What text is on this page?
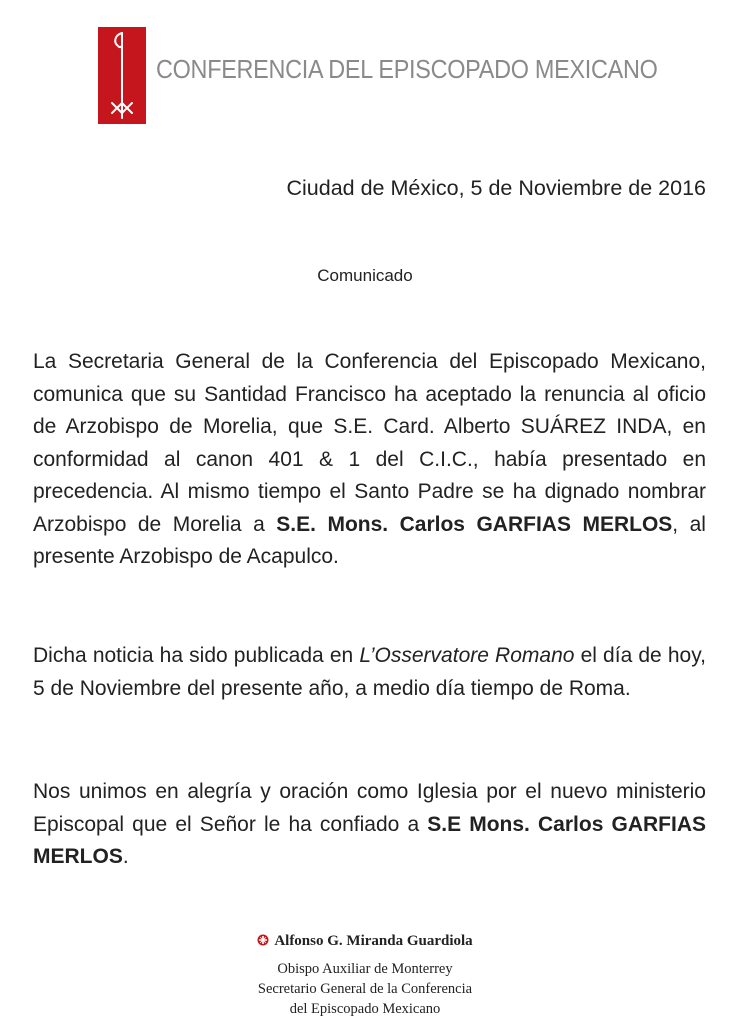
CONFERENCIA DEL EPISCOPADO MEXICANO
Ciudad de México, 5 de Noviembre de 2016
Comunicado

La Secretaria General de la Conferencia del Episcopado Mexicano, comunica que su Santidad Francisco ha aceptado la renuncia al oficio de Arzobispo de Morelia, que S.E. Card. Alberto SUÁREZ INDA, en conformidad al canon 401 & 1 del C.I.C., había presentado en precedencia. Al mismo tiempo el Santo Padre se ha dignado nombrar Arzobispo de Morelia a S.E. Mons. Carlos GARFIAS MERLOS, al presente Arzobispo de Acapulco.

Dicha noticia ha sido publicada en L’Osservatore Romano el día de hoy, 5 de Noviembre del presente año, a medio día tiempo de Roma.

Nos unimos en alegría y oración como Iglesia por el nuevo ministerio Episcopal que el Señor le ha confiado a S.E Mons. Carlos GARFIAS MERLOS.

Alfonso G. Miranda Guardiola
Obispo Auxiliar de Monterrey
Secretario General de la Conferencia
del Episcopado Mexicano
